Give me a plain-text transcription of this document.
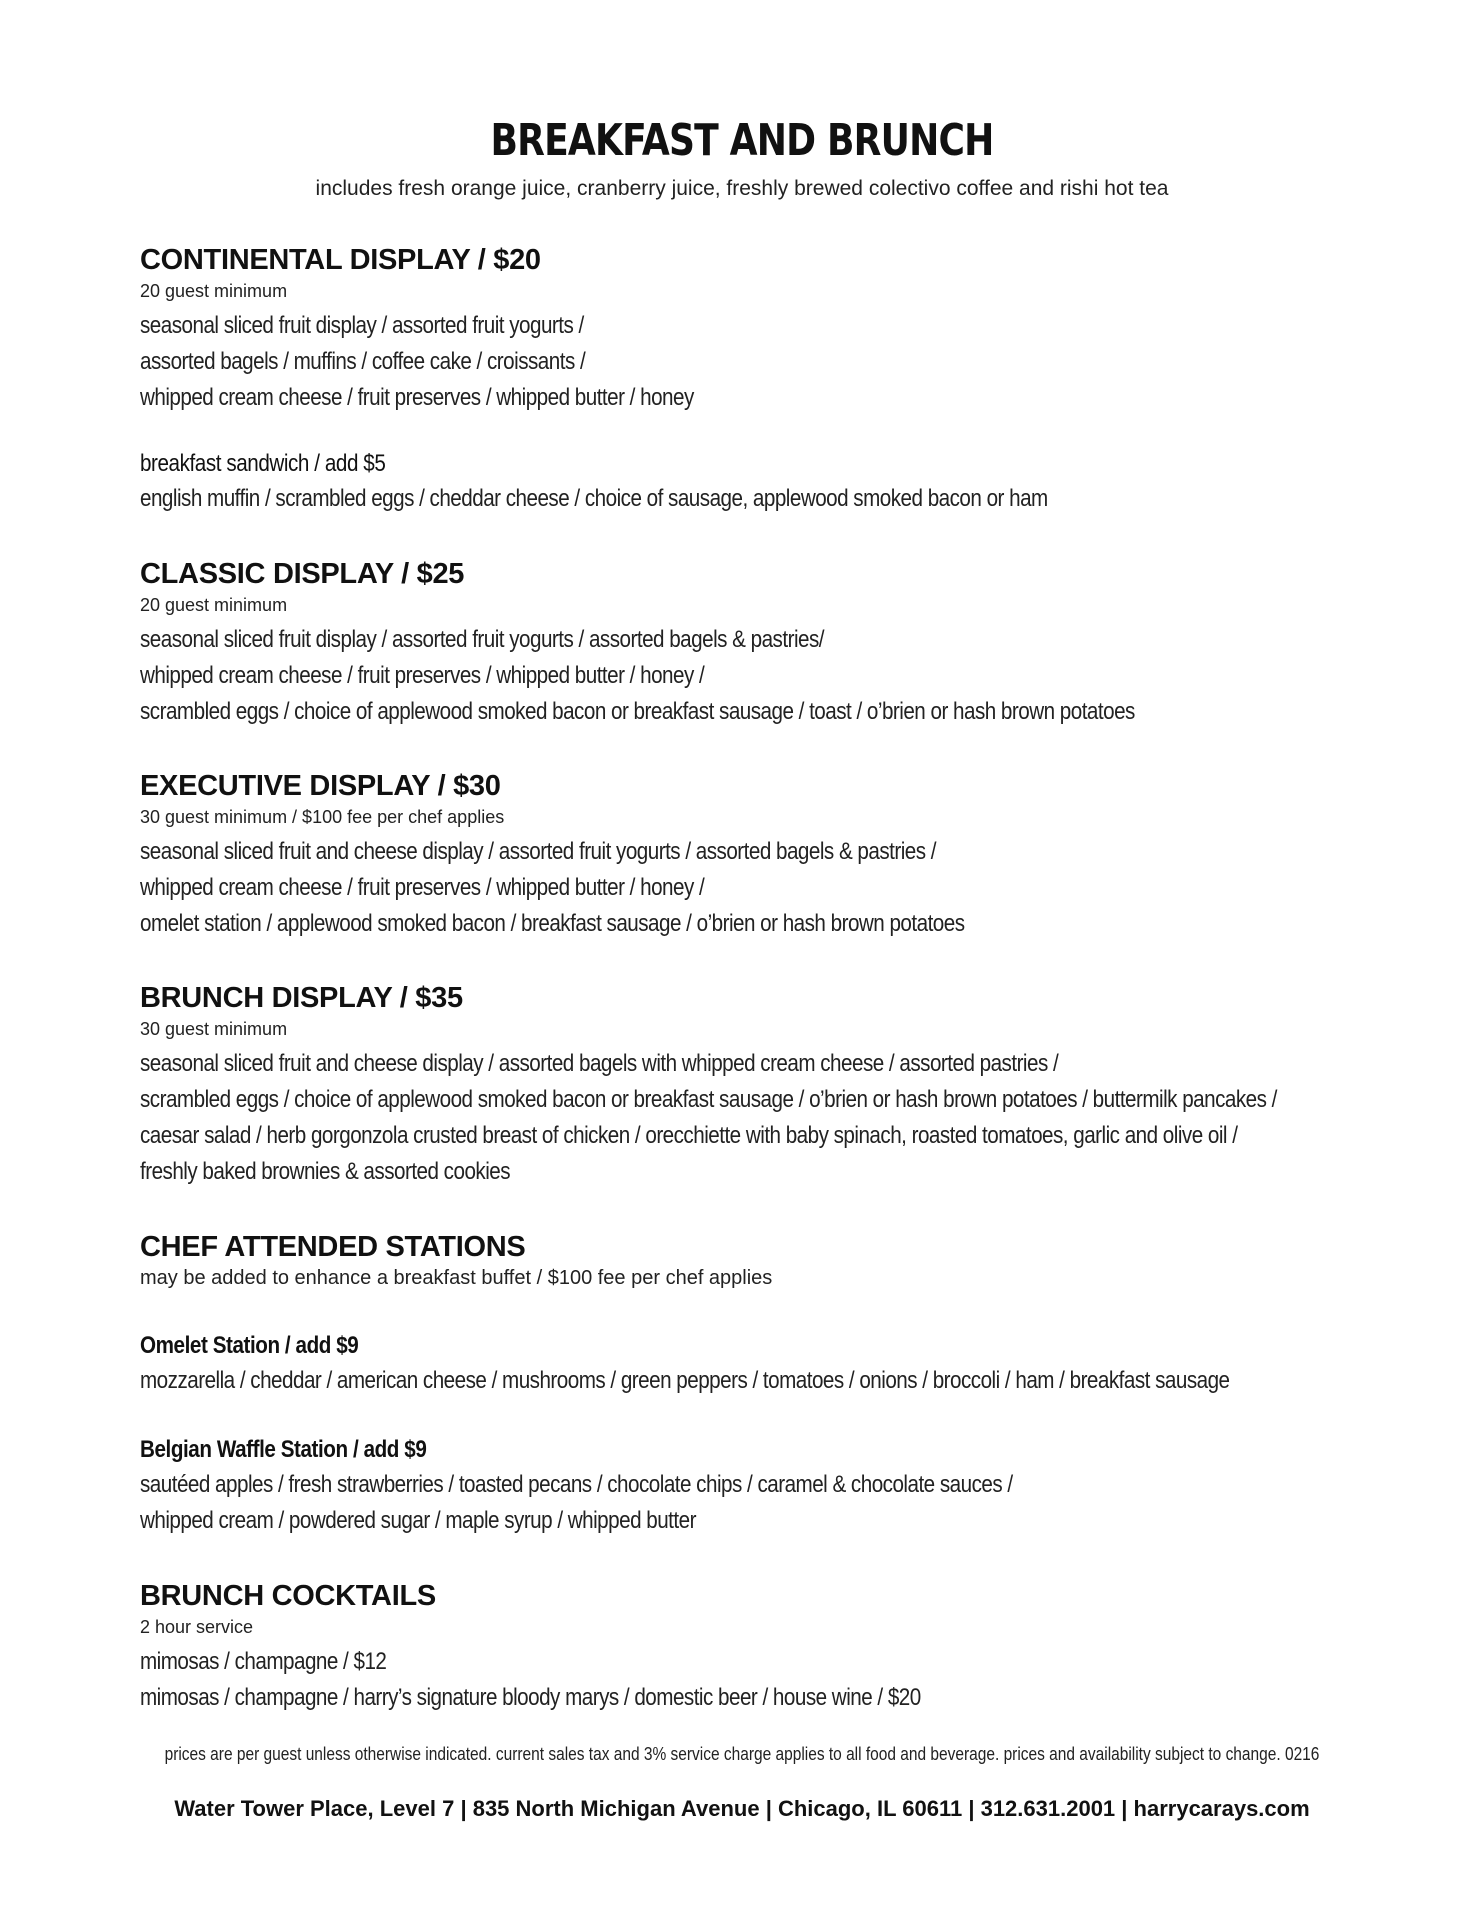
BREAKFAST AND BRUNCH

includes fresh orange juice, cranberry juice, freshly brewed colectivo coffee and rishi hot tea

CONTINENTAL DISPLAY / $20

20 guest minimum

seasonal sliced fruit display / assorted fruit yogurts /

assorted bagels / muffins / coffee cake / croissants /

whipped cream cheese / fruit preserves / whipped butter / honey

breakfast sandwich / add $5

english muffin / scrambled eggs / cheddar cheese / choice of sausage, applewood smoked bacon or ham

CLASSIC DISPLAY / $25

20 guest minimum

seasonal sliced fruit display / assorted fruit yogurts / assorted bagels & pastries/

whipped cream cheese / fruit preserves / whipped butter / honey /

scrambled eggs / choice of applewood smoked bacon or breakfast sausage / toast / o’brien or hash brown potatoes

EXECUTIVE DISPLAY / $30

30 guest minimum / $100 fee per chef applies

seasonal sliced fruit and cheese display / assorted fruit yogurts / assorted bagels & pastries /

whipped cream cheese / fruit preserves / whipped butter / honey /

omelet station / applewood smoked bacon / breakfast sausage / o’brien or hash brown potatoes

BRUNCH DISPLAY / $35

30 guest minimum

seasonal sliced fruit and cheese display / assorted bagels with whipped cream cheese / assorted pastries /

scrambled eggs / choice of applewood smoked bacon or breakfast sausage / o’brien or hash brown potatoes / buttermilk pancakes /

caesar salad / herb gorgonzola crusted breast of chicken / orecchiette with baby spinach, roasted tomatoes, garlic and olive oil /

freshly baked brownies & assorted cookies

CHEF ATTENDED STATIONS

may be added to enhance a breakfast buffet / $100 fee per chef applies

Omelet Station / add $9

mozzarella / cheddar / american cheese / mushrooms / green peppers / tomatoes / onions / broccoli / ham / breakfast sausage

Belgian Waffle Station / add $9

sautéed apples / fresh strawberries / toasted pecans / chocolate chips / caramel & chocolate sauces /

whipped cream / powdered sugar / maple syrup / whipped butter

BRUNCH COCKTAILS

2 hour service

mimosas / champagne / $12

mimosas / champagne / harry’s signature bloody marys / domestic beer / house wine / $20

prices are per guest unless otherwise indicated. current sales tax and 3% service charge applies to all food and beverage. prices and availability subject to change. 0216

Water Tower Place, Level 7 | 835 North Michigan Avenue | Chicago, IL 60611 | 312.631.2001 | harrycarays.com
